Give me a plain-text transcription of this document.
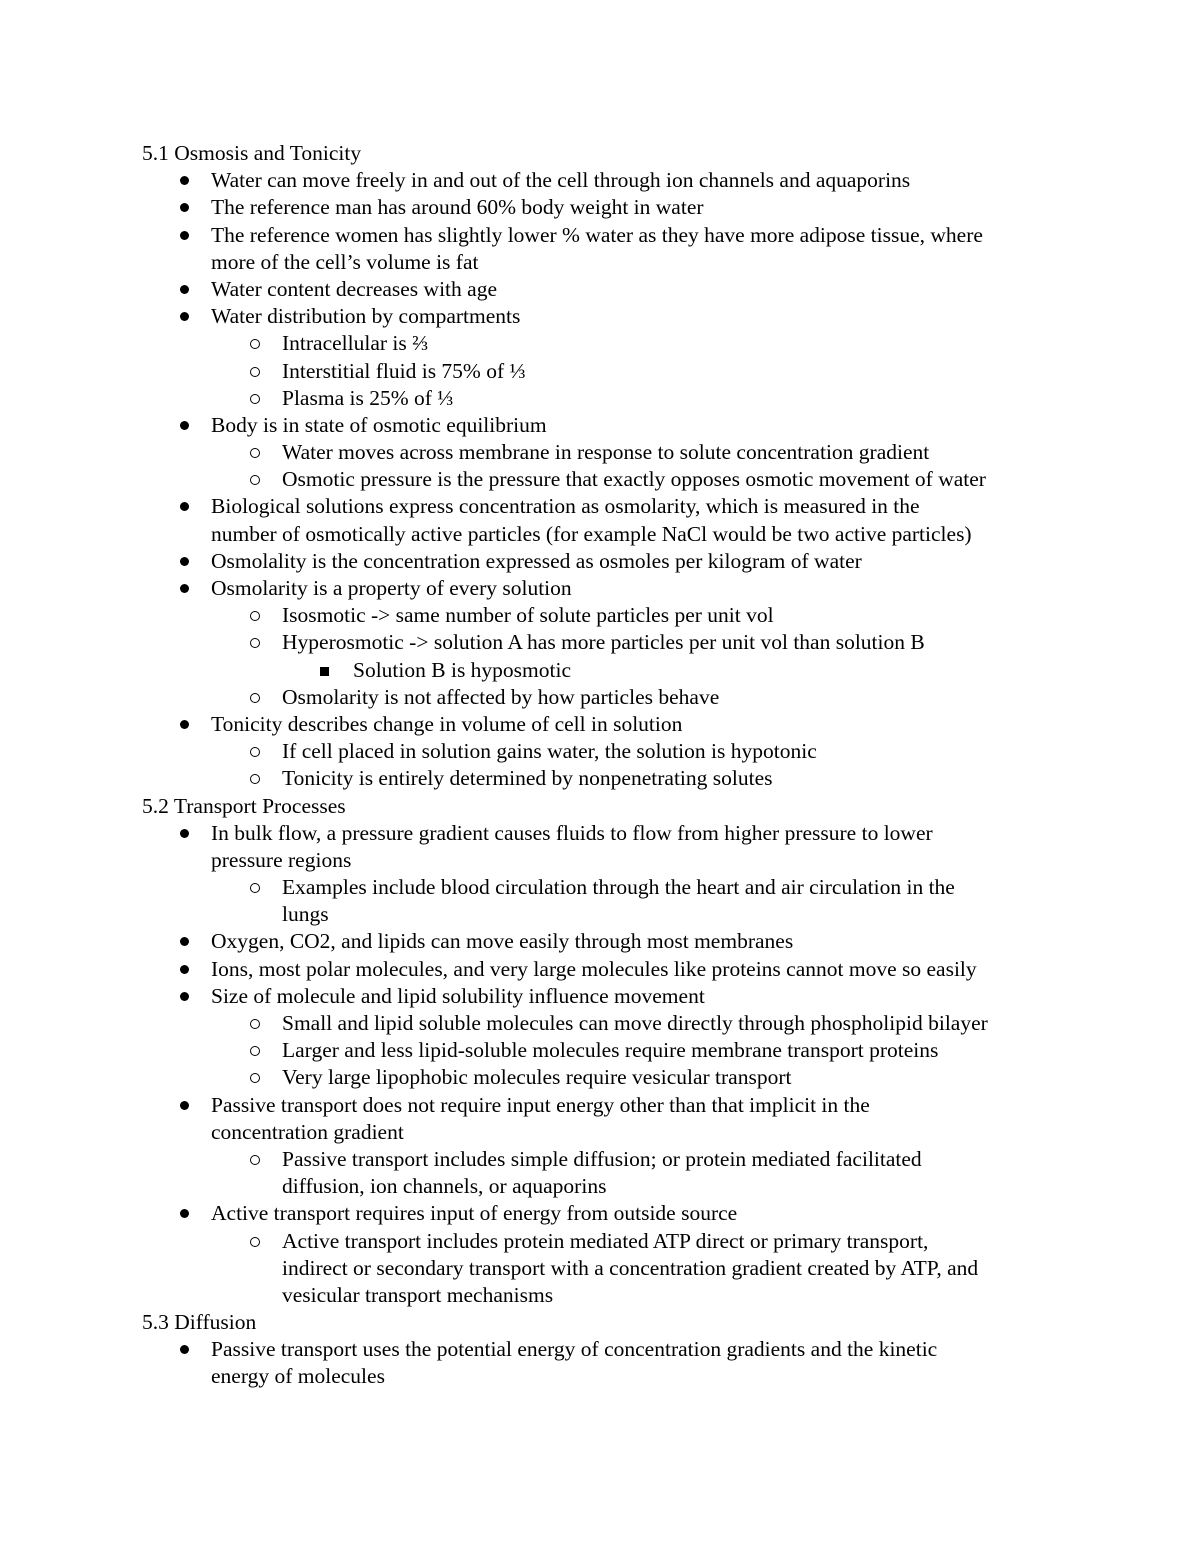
5.1 Osmosis and Tonicity
Water can move freely in and out of the cell through ion channels and aquaporins
The reference man has around 60% body weight in water
The reference women has slightly lower % water as they have more adipose tissue, where
more of the cell’s volume is fat
Water content decreases with age
Water distribution by compartments
Intracellular is ⅔
Interstitial fluid is 75% of ⅓
Plasma is 25% of ⅓
Body is in state of osmotic equilibrium
Water moves across membrane in response to solute concentration gradient
Osmotic pressure is the pressure that exactly opposes osmotic movement of water
Biological solutions express concentration as osmolarity, which is measured in the
number of osmotically active particles (for example NaCl would be two active particles)
Osmolality is the concentration expressed as osmoles per kilogram of water
Osmolarity is a property of every solution
Isosmotic -> same number of solute particles per unit vol
Hyperosmotic -> solution A has more particles per unit vol than solution B
Solution B is hyposmotic
Osmolarity is not affected by how particles behave
Tonicity describes change in volume of cell in solution
If cell placed in solution gains water, the solution is hypotonic
Tonicity is entirely determined by nonpenetrating solutes
5.2 Transport Processes
In bulk flow, a pressure gradient causes fluids to flow from higher pressure to lower
pressure regions
Examples include blood circulation through the heart and air circulation in the
lungs
Oxygen, CO2, and lipids can move easily through most membranes
Ions, most polar molecules, and very large molecules like proteins cannot move so easily
Size of molecule and lipid solubility influence movement
Small and lipid soluble molecules can move directly through phospholipid bilayer
Larger and less lipid-soluble molecules require membrane transport proteins
Very large lipophobic molecules require vesicular transport
Passive transport does not require input energy other than that implicit in the
concentration gradient
Passive transport includes simple diffusion; or protein mediated facilitated
diffusion, ion channels, or aquaporins
Active transport requires input of energy from outside source
Active transport includes protein mediated ATP direct or primary transport,
indirect or secondary transport with a concentration gradient created by ATP, and
vesicular transport mechanisms
5.3 Diffusion
Passive transport uses the potential energy of concentration gradients and the kinetic
energy of molecules
